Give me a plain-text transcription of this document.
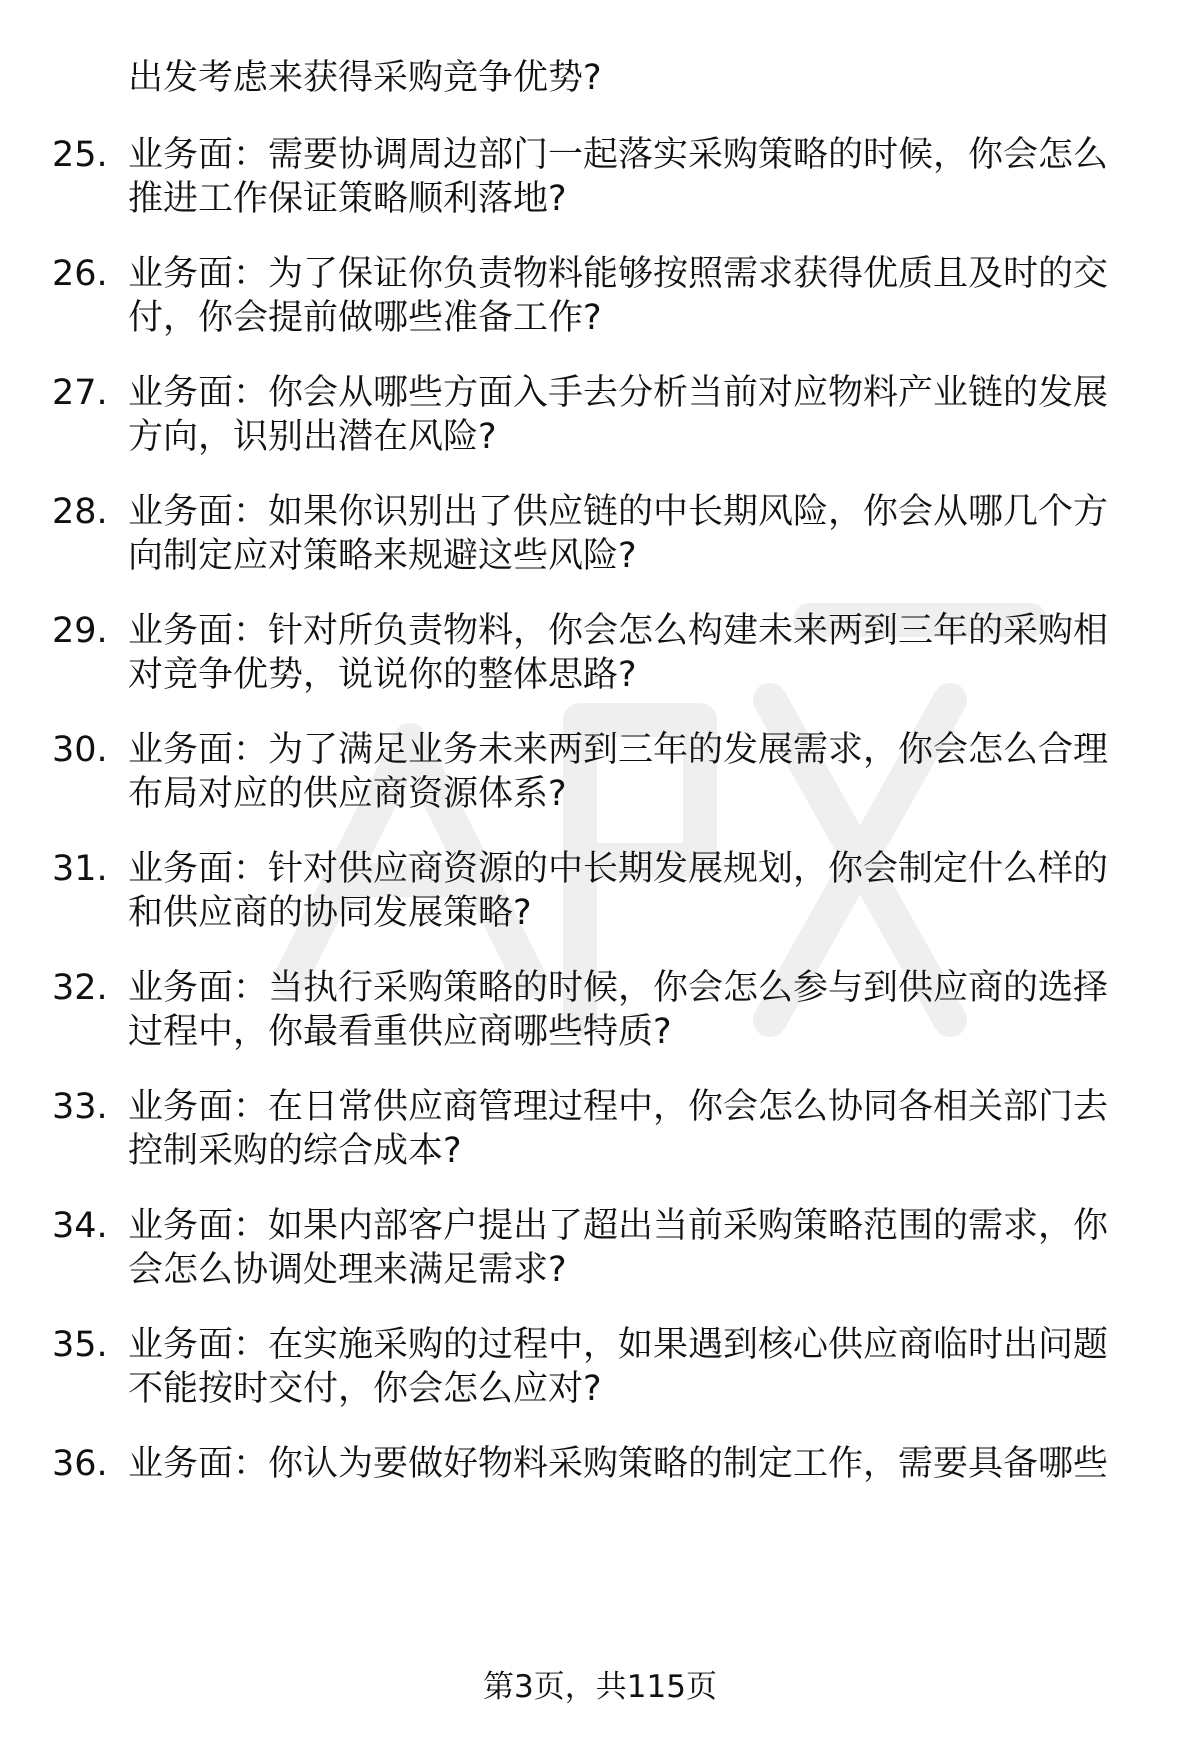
出发考虑来获得采购竞争优势?
25. 业务面：需要协调周边部门一起落实采购策略的时候，你会怎么
推进工作保证策略顺利落地?
26. 业务面：为了保证你负责物料能够按照需求获得优质且及时的交
付，你会提前做哪些准备工作?
27. 业务面：你会从哪些方面入手去分析当前对应物料产业链的发展
方向，识别出潜在风险?
28. 业务面：如果你识别出了供应链的中长期风险，你会从哪几个方
向制定应对策略来规避这些风险?
29. 业务面：针对所负责物料，你会怎么构建未来两到三年的采购相
对竞争优势，说说你的整体思路?
30. 业务面：为了满足业务未来两到三年的发展需求，你会怎么合理
布局对应的供应商资源体系?
31. 业务面：针对供应商资源的中长期发展规划，你会制定什么样的
和供应商的协同发展策略?
32. 业务面：当执行采购策略的时候，你会怎么参与到供应商的选择
过程中，你最看重供应商哪些特质?
33. 业务面：在日常供应商管理过程中，你会怎么协同各相关部门去
控制采购的综合成本?
34. 业务面：如果内部客户提出了超出当前采购策略范围的需求，你
会怎么协调处理来满足需求?
35. 业务面：在实施采购的过程中，如果遇到核心供应商临时出问题
不能按时交付，你会怎么应对?
36. 业务面：你认为要做好物料采购策略的制定工作，需要具备哪些
第3页，共115页
